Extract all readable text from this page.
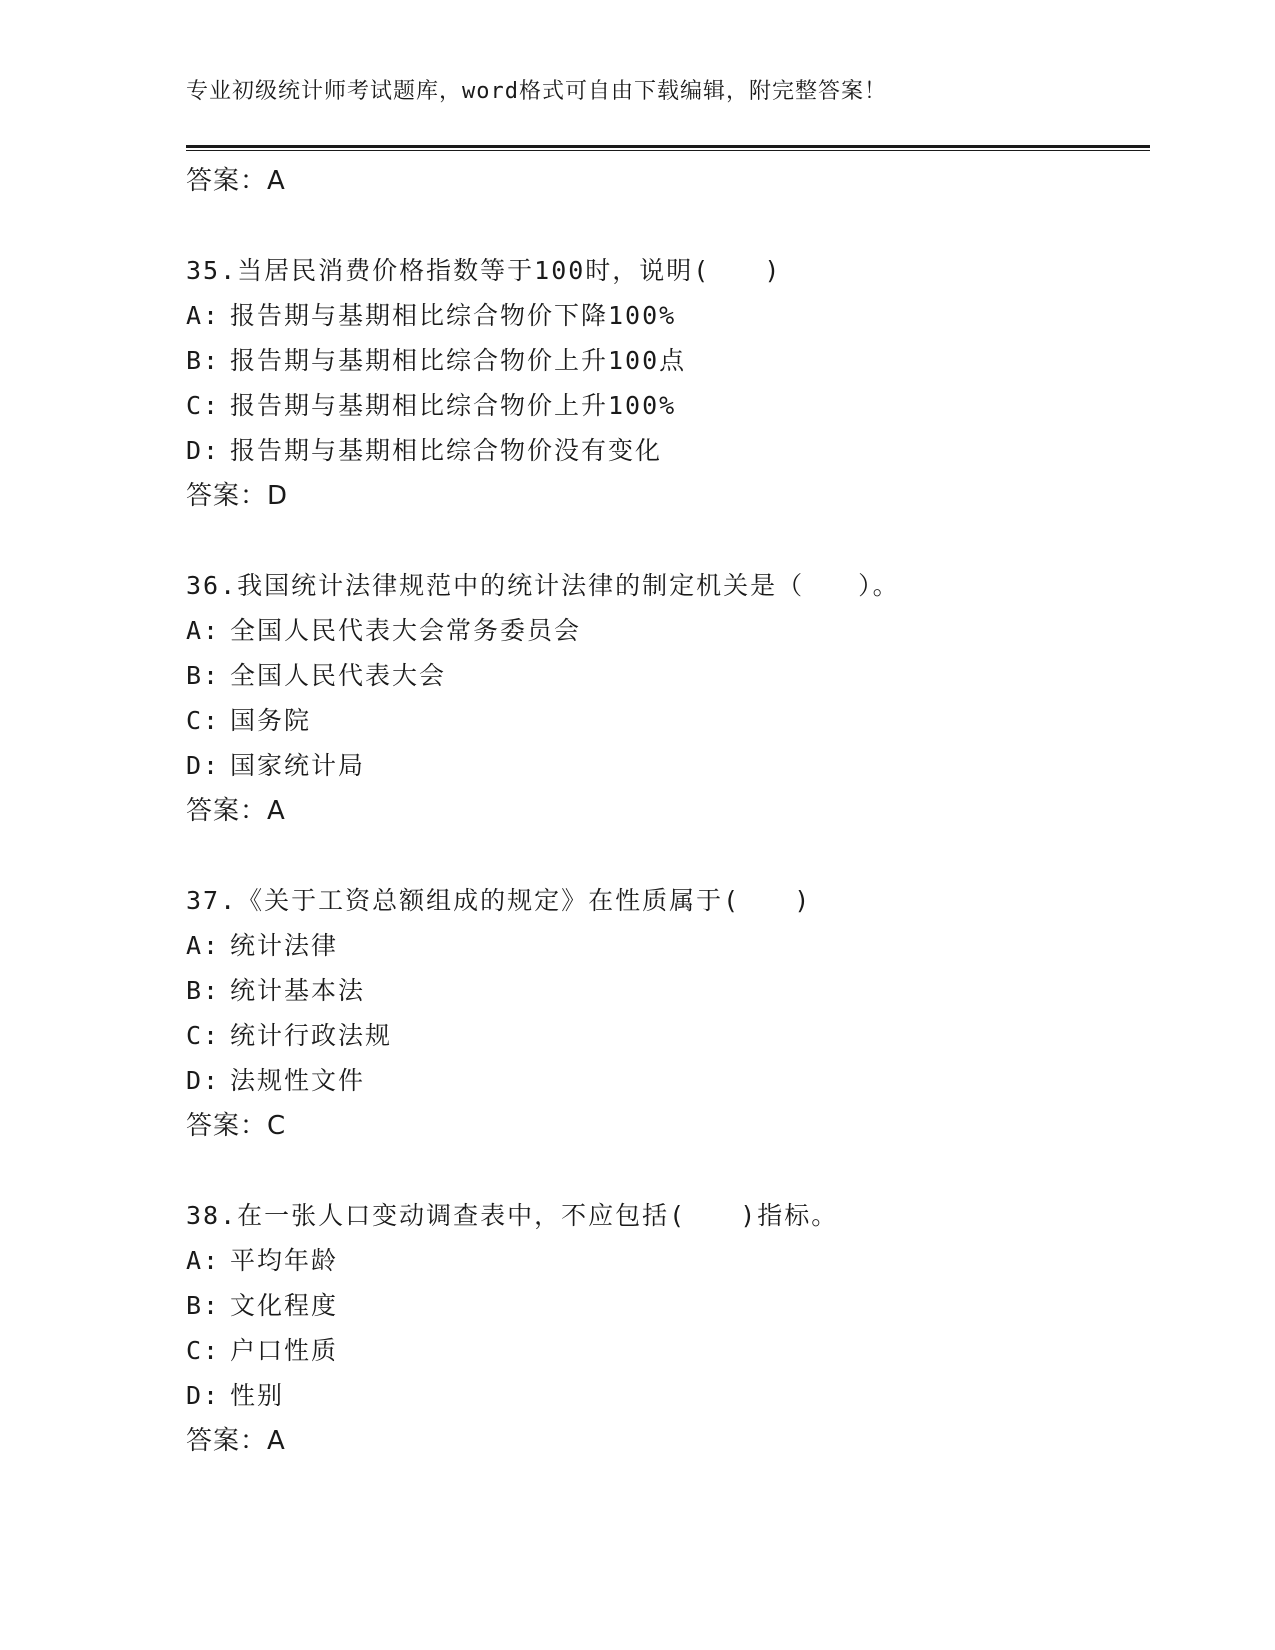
专业初级统计师考试题库，word格式可自由下载编辑，附完整答案！
答案：A
35.当居民消费价格指数等于100时，说明(　　)
A: 报告期与基期相比综合物价下降100%
B: 报告期与基期相比综合物价上升100点
C: 报告期与基期相比综合物价上升100%
D: 报告期与基期相比综合物价没有变化
答案：D
36.我国统计法律规范中的统计法律的制定机关是（　　）。
A: 全国人民代表大会常务委员会
B: 全国人民代表大会
C: 国务院
D: 国家统计局
答案：A
37.《关于工资总额组成的规定》在性质属于(　　)
A: 统计法律
B: 统计基本法
C: 统计行政法规
D: 法规性文件
答案：C
38.在一张人口变动调查表中，不应包括(　　)指标。
A: 平均年龄
B: 文化程度
C: 户口性质
D: 性别
答案：A
